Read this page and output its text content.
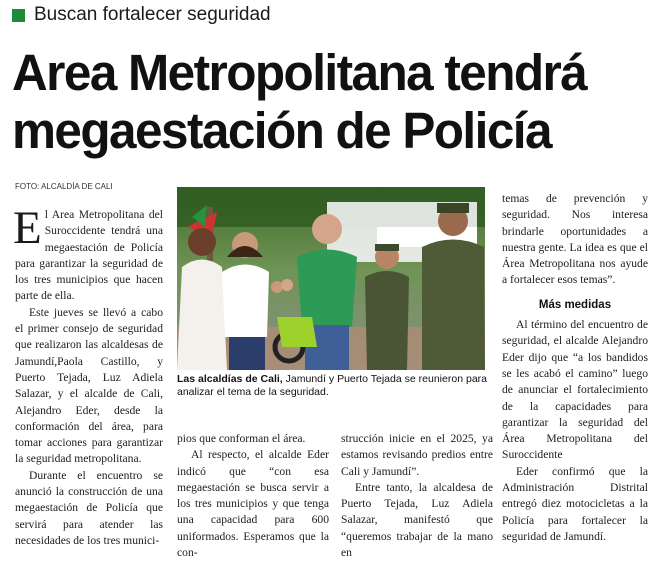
Buscan fortalecer seguridad
Area Metropolitana tendrá
megaestación de Policía
FOTO: ALCALDÍA DE CALI

El Area Metropolitana del Suroccidente tendrá una megaestación de Policía para garantizar la seguridad de los tres municipios que hacen parte de ella.

Este jueves se llevó a cabo el primer consejo de seguridad que realizaron las alcaldesas de Jamundí,Paola Castillo, y Puerto Tejada, Luz Adiela Salazar, y el alcalde de Cali, Alejandro Eder, desde la conformación del área, para tomar acciones para garantizar la seguridad metropolitana.

Durante el encuentro se anunció la construcción de una megaestación de Policía que servirá para atender las necesidades de los tres munici-

Las alcaldías de Cali, Jamundí y Puerto Tejada se reunieron para analizar el tema de la seguridad.

pios que conforman el área.

Al respecto, el alcalde Eder indicó que “con esa megaestación se busca servir a los tres municipios y que tenga una capacidad para 600 uniformados. Esperamos que la con-

strucción inicie en el 2025, ya estamos revisando predios entre Cali y Jamundí”.

Entre tanto, la alcaldesa de Puerto Tejada, Luz Adiela Salazar, manifestó que “queremos trabajar de la mano en

temas de prevención y seguridad. Nos interesa brindarle oportunidades a nuestra gente. La idea es que el Área Metropolitana nos ayude a fortalecer esos temas”.

Más medidas

Al término del encuentro de seguridad, el alcalde Alejandro Eder dijo que “a los bandidos se les acabó el camino” luego de anunciar el fortalecimiento de la capacidades para garantizar la seguridad del Área Metropolitana del Suroccidente

Eder confirmó que la Administración Distrital entregó diez motocicletas a la Policía para fortalecer la seguridad de Jamundí.
